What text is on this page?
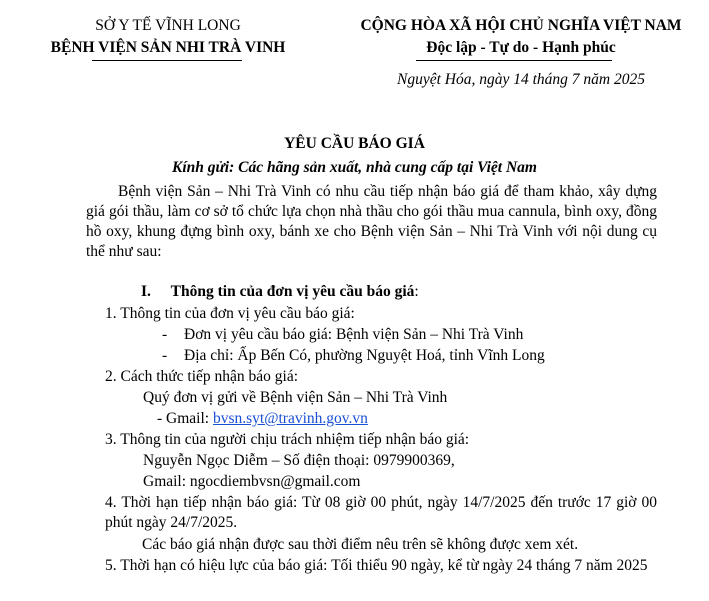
SỞ Y TẾ VĨNH LONG
BỆNH VIỆN SẢN NHI TRÀ VINH
CỘNG HÒA XÃ HỘI CHỦ NGHĨA VIỆT NAM
Độc lập - Tự do - Hạnh phúc
Nguyệt Hóa, ngày 14 tháng 7 năm 2025
YÊU CẦU BÁO GIÁ
Kính gửi: Các hãng sản xuất, nhà cung cấp tại Việt Nam
Bệnh viện Sản – Nhi Trà Vinh có nhu cầu tiếp nhận báo giá để tham khảo, xây dựng giá gói thầu, làm cơ sở tổ chức lựa chọn nhà thầu cho gói thầu mua cannula, bình oxy, đồng hồ oxy, khung đựng bình oxy, bánh xe cho Bệnh viện Sản – Nhi Trà Vinh với nội dung cụ thể như sau:
I. Thông tin của đơn vị yêu cầu báo giá:
1. Thông tin của đơn vị yêu cầu báo giá:
- Đơn vị yêu cầu báo giá: Bệnh viện Sản – Nhi Trà Vinh
- Địa chỉ: Ấp Bến Có, phường Nguyệt Hoá, tỉnh Vĩnh Long
2. Cách thức tiếp nhận báo giá:
Quý đơn vị gửi về Bệnh viện Sản – Nhi Trà Vinh
- Gmail: bvsn.syt@travinh.gov.vn
3. Thông tin của người chịu trách nhiệm tiếp nhận báo giá:
Nguyễn Ngọc Diễm – Số điện thoại: 0979900369,
Gmail: ngocdiembvsn@gmail.com
4. Thời hạn tiếp nhận báo giá: Từ 08 giờ 00 phút, ngày 14/7/2025 đến trước 17 giờ 00 phút ngày 24/7/2025.
Các báo giá nhận được sau thời điểm nêu trên sẽ không được xem xét.
5. Thời hạn có hiệu lực của báo giá: Tối thiểu 90 ngày, kể từ ngày 24 tháng 7 năm 2025
